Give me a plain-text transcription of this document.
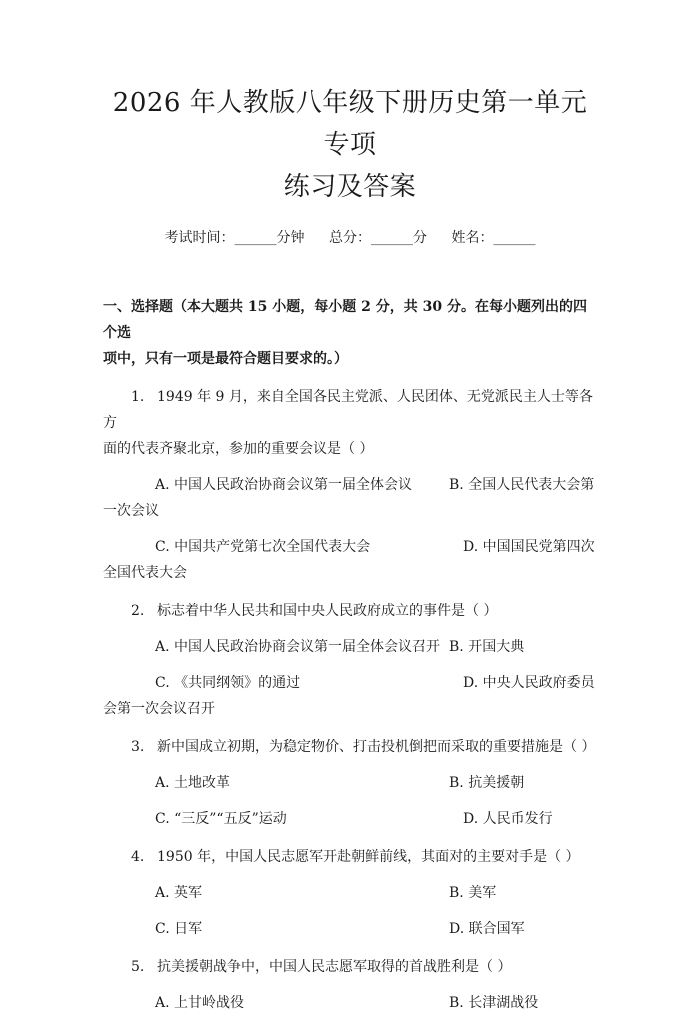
2026 年人教版八年级下册历史第一单元专项
练习及答案
考试时间：______分钟 总分：______分 姓名：______
一、选择题（本大题共 15 小题，每小题 2 分，共 30 分。在每小题列出的四个选
项中，只有一项是最符合题目要求的。）
1. 1949 年 9 月，来自全国各民主党派、人民团体、无党派民主人士等各方
面的代表齐聚北京，参加的重要会议是（ ）
A. 中国人民政治协商会议第一届全体会议	B. 全国人民代表大会第
一次会议
C. 中国共产党第七次全国代表大会	D. 中国国民党第四次
全国代表大会
2. 标志着中华人民共和国中央人民政府成立的事件是（ ）
A. 中国人民政治协商会议第一届全体会议召开 B. 开国大典
C. 《共同纲领》的通过	D. 中央人民政府委员
会第一次会议召开
3. 新中国成立初期，为稳定物价、打击投机倒把而采取的重要措施是（ ）
A. 土地改革	B. 抗美援朝
C. “三反”“五反”运动	D. 人民币发行
4. 1950 年，中国人民志愿军开赴朝鲜前线，其面对的主要对手是（ ）
A. 英军	B. 美军
C. 日军	D. 联合国军
5. 抗美援朝战争中，中国人民志愿军取得的首战胜利是（ ）
A. 上甘岭战役	B. 长津湖战役
